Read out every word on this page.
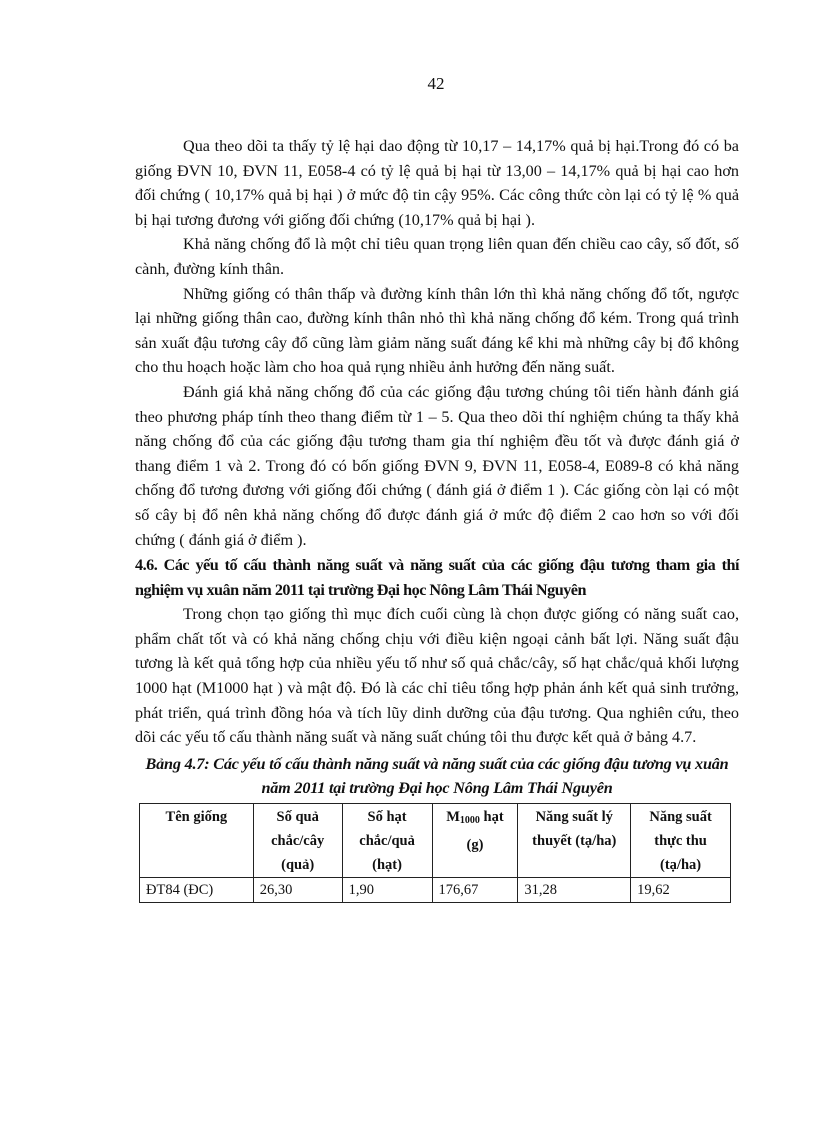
42

Qua theo dõi ta thấy tỷ lệ hại dao động từ 10,17 – 14,17% quả bị hại.Trong đó có ba giống ĐVN 10, ĐVN 11, E058-4 có tỷ lệ quả bị hại từ 13,00 – 14,17% quả bị hại cao hơn đối chứng ( 10,17% quả bị hại ) ở mức độ tin cậy 95%. Các công thức còn lại có tỷ lệ % quả bị hại tương đương với giống đối chứng (10,17% quả bị hại ).

Khả năng chống đổ là một chỉ tiêu quan trọng liên quan đến chiều cao cây, số đốt, số cành, đường kính thân.

Những giống có thân thấp và đường kính thân lớn thì khả năng chống đổ tốt, ngược lại những giống thân cao, đường kính thân nhỏ thì khả năng chống đổ kém. Trong quá trình sản xuất đậu tương cây đổ cũng làm giảm năng suất đáng kể khi mà những cây bị đổ không cho thu hoạch hoặc làm cho hoa quả rụng nhiều ảnh hưởng đến năng suất.

Đánh giá khả năng chống đổ của các giống đậu tương chúng tôi tiến hành đánh giá theo phương pháp tính theo thang điểm từ 1 – 5. Qua theo dõi thí nghiệm chúng ta thấy khả năng chống đổ của các giống đậu tương tham gia thí nghiệm đều tốt và được đánh giá ở thang điểm 1 và 2. Trong đó có bốn giống ĐVN 9, ĐVN 11, E058-4, E089-8 có khả năng chống đổ tương đương với giống đối chứng ( đánh giá ở điểm 1 ). Các giống còn lại có một số cây bị đổ nên khả năng chống đổ được đánh giá ở mức độ điểm 2 cao hơn so với đối chứng ( đánh giá ở điểm ).

4.6. Các yếu tố cấu thành năng suất và năng suất của các giống đậu tương tham gia thí nghiệm vụ xuân năm 2011 tại trường Đại học Nông Lâm Thái Nguyên

Trong chọn tạo giống thì mục đích cuối cùng là chọn được giống có năng suất cao, phẩm chất tốt và có khả năng chống chịu với điều kiện ngoại cảnh bất lợi. Năng suất đậu tương là kết quả tổng hợp của nhiều yếu tố như số quả chắc/cây, số hạt chắc/quả khối lượng 1000 hạt (M1000 hạt ) và mật độ. Đó là các chỉ tiêu tổng hợp phản ánh kết quả sinh trưởng, phát triển, quá trình đồng hóa và tích lũy dinh dưỡng của đậu tương. Qua nghiên cứu, theo dõi các yếu tố cấu thành năng suất và năng suất chúng tôi thu được kết quả ở bảng 4.7.

Bảng 4.7: Các yếu tố cấu thành năng suất và năng suất của các giống đậu tương vụ xuân năm 2011 tại trường Đại học Nông Lâm Thái Nguyên
Tên giống	Số quả chắc/cây (quả)	Số hạt chắc/quả (hạt)	$M_{1000}$ hạt (g)	Năng suất lý thuyết (tạ/ha)	Năng suất thực thu (tạ/ha)
ĐT84 (ĐC)	26,30	1,90	176,67	31,28	19,62
